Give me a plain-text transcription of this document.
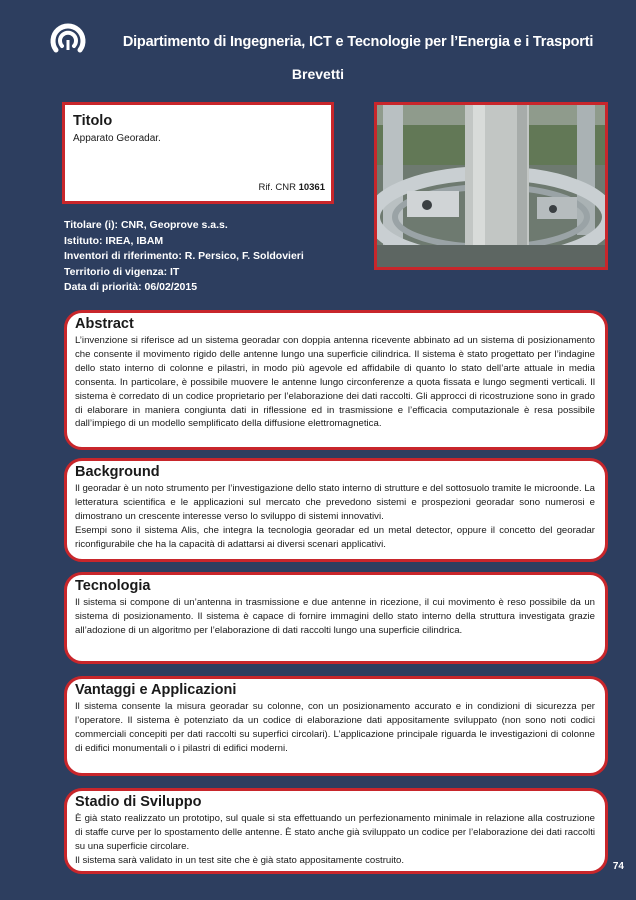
Dipartimento di Ingegneria, ICT e Tecnologie per l’Energia e i Trasporti
Brevetti
Titolo
Apparato Georadar.
Rif. CNR 10361
Titolare (i): CNR, Geoprove s.a.s.
Istituto: IREA, IBAM
Inventori di riferimento: R. Persico, F. Soldovieri
Territorio di vigenza: IT
Data di priorità: 06/02/2015
Abstract

L’invenzione si riferisce ad un sistema georadar con doppia antenna ricevente abbinato ad un sistema di posizionamento che consente il movimento rigido delle antenne lungo una superficie cilindrica. Il sistema è stato progettato per l’indagine dello stato interno di colonne e pilastri, in modo più agevole ed affidabile di quanto lo stato dell’arte attuale in media consenta. In particolare, è possibile muovere le antenne lungo circonferenze a quota fissata e lungo segmenti verticali. Il sistema è corredato di un codice proprietario per l’elaborazione dei dati raccolti. Gli approcci di ricostruzione sono in grado di elaborare in maniera congiunta dati in riflessione ed in trasmissione e l’efficacia computazionale è resa possibile dall’impiego di un modello semplificato della diffusione elettromagnetica.

Background

Il georadar è un noto strumento per l’investigazione dello stato interno di strutture e del sottosuolo tramite le microonde. La letteratura scientifica e le applicazioni sul mercato che prevedono sistemi e prospezioni georadar sono numerosi e dimostrano un crescente interesse verso lo sviluppo di sistemi innovativi.
Esempi sono il sistema Alis, che integra la tecnologia georadar ed un metal detector, oppure il concetto del georadar riconfigurabile che ha la capacità di adattarsi ai diversi scenari applicativi.

Tecnologia

Il sistema si compone di un’antenna in trasmissione e due antenne in ricezione, il cui movimento è reso possibile da un sistema di posizionamento. Il sistema è capace di fornire immagini dello stato interno della struttura investigata grazie all’adozione di un algoritmo per l’elaborazione di dati raccolti lungo una superficie cilindrica.

Vantaggi e Applicazioni

Il sistema consente la misura georadar su colonne, con un posizionamento accurato e in condizioni di sicurezza per l’operatore. Il sistema è potenziato da un codice di elaborazione dati appositamente sviluppato (non sono noti codici commerciali concepiti per dati raccolti su superfici circolari). L’applicazione principale riguarda le investigazioni di colonne di edifici monumentali o i pilastri di edifici moderni.

Stadio di Sviluppo

È già stato realizzato un prototipo, sul quale si sta effettuando un perfezionamento minimale in relazione alla costruzione di staffe curve per lo spostamento delle antenne. È stato anche già sviluppato un codice per l’elaborazione dei dati raccolti su una superficie circolare.
Il sistema sarà validato in un test site che è già stato appositamente costruito.

74
